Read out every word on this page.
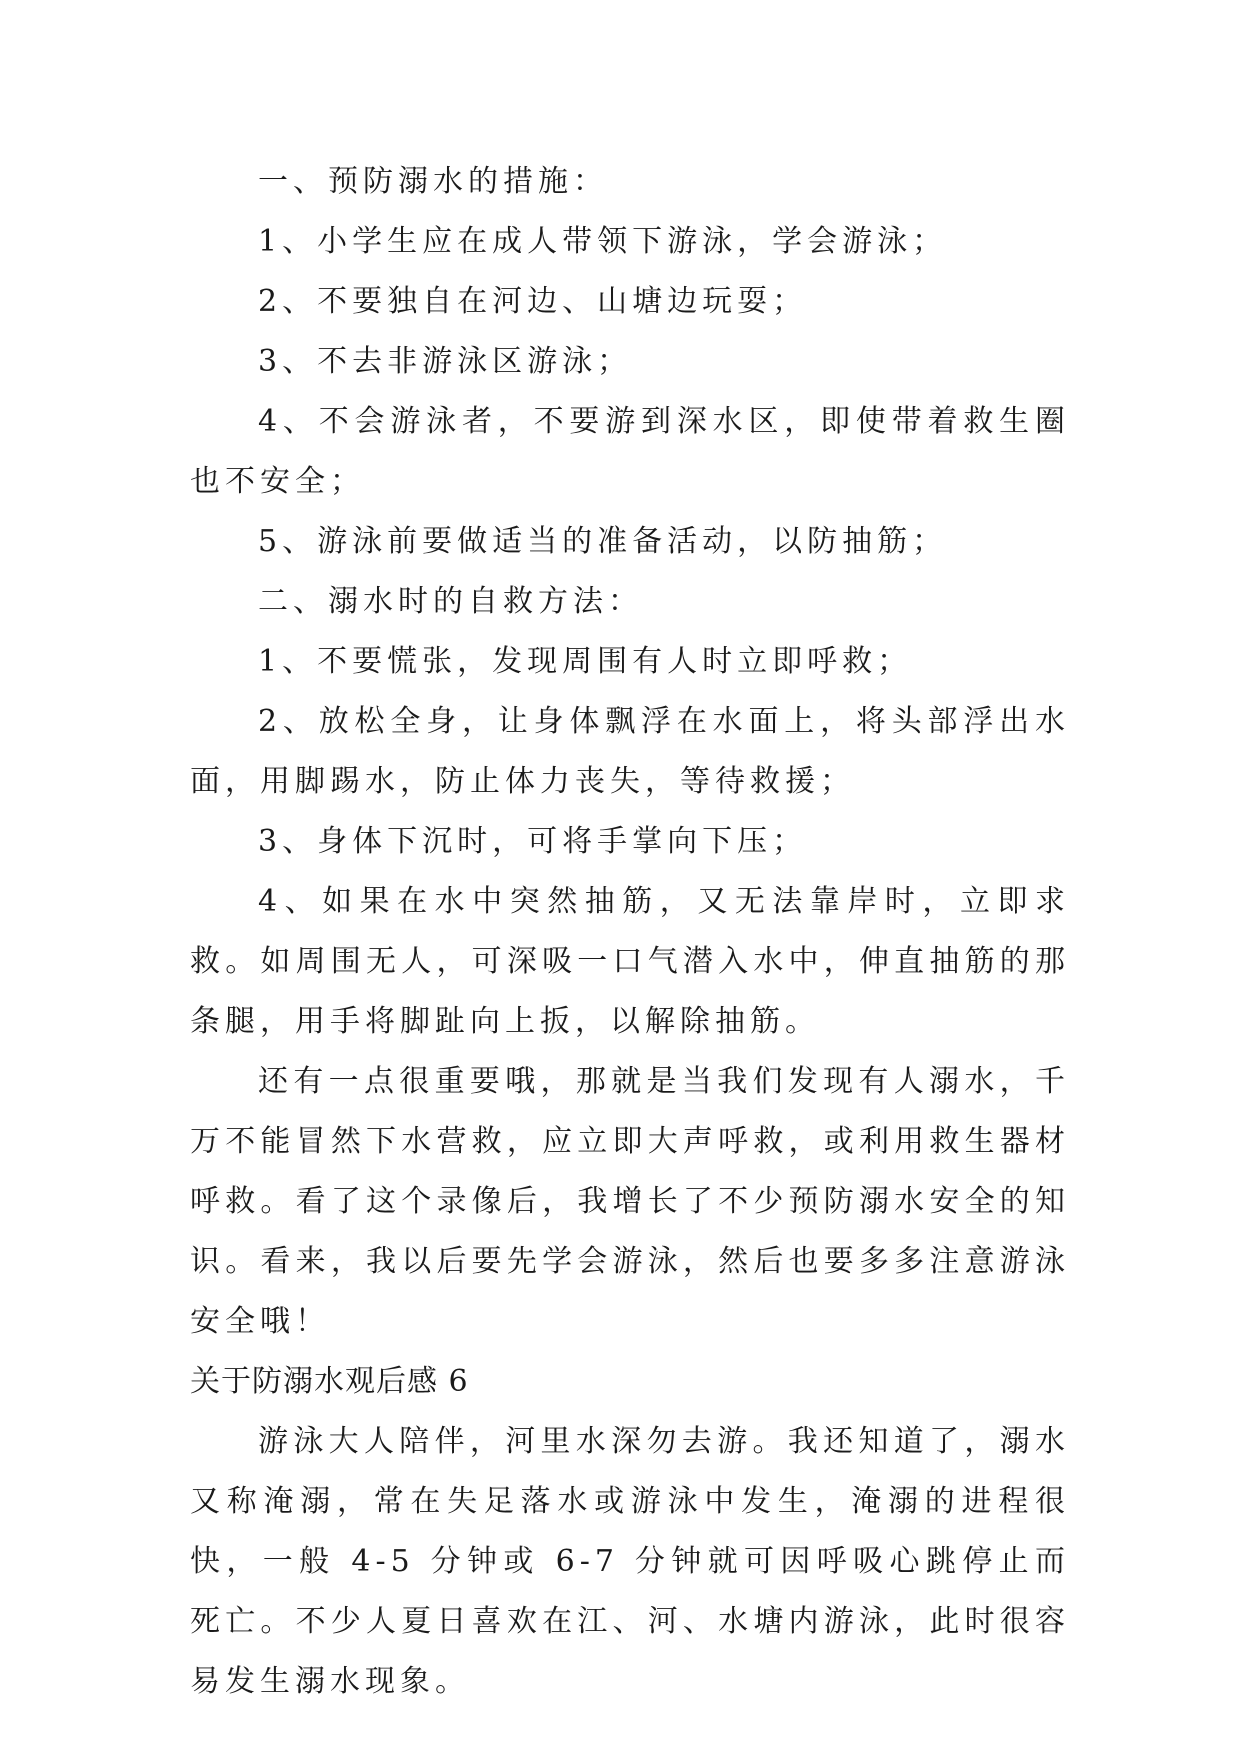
一、预防溺水的措施：

1、小学生应在成人带领下游泳，学会游泳；

2、不要独自在河边、山塘边玩耍；

3、不去非游泳区游泳；

4、不会游泳者，不要游到深水区，即使带着救生圈也不安全；

5、游泳前要做适当的准备活动，以防抽筋；

二、溺水时的自救方法：

1、不要慌张，发现周围有人时立即呼救；

2、放松全身，让身体飘浮在水面上，将头部浮出水面，用脚踢水，防止体力丧失，等待救援；

3、身体下沉时，可将手掌向下压；

4、如果在水中突然抽筋，又无法靠岸时，立即求救。如周围无人，可深吸一口气潜入水中，伸直抽筋的那条腿，用手将脚趾向上扳，以解除抽筋。

还有一点很重要哦，那就是当我们发现有人溺水，千万不能冒然下水营救，应立即大声呼救，或利用救生器材呼救。看了这个录像后，我增长了不少预防溺水安全的知识。看来，我以后要先学会游泳，然后也要多多注意游泳安全哦！

关于防溺水观后感 6

游泳大人陪伴，河里水深勿去游。我还知道了，溺水又称淹溺，常在失足落水或游泳中发生，淹溺的进程很快，一般 4-5 分钟或 6-7 分钟就可因呼吸心跳停止而死亡。不少人夏日喜欢在江、河、水塘内游泳，此时很容易发生溺水现象。
